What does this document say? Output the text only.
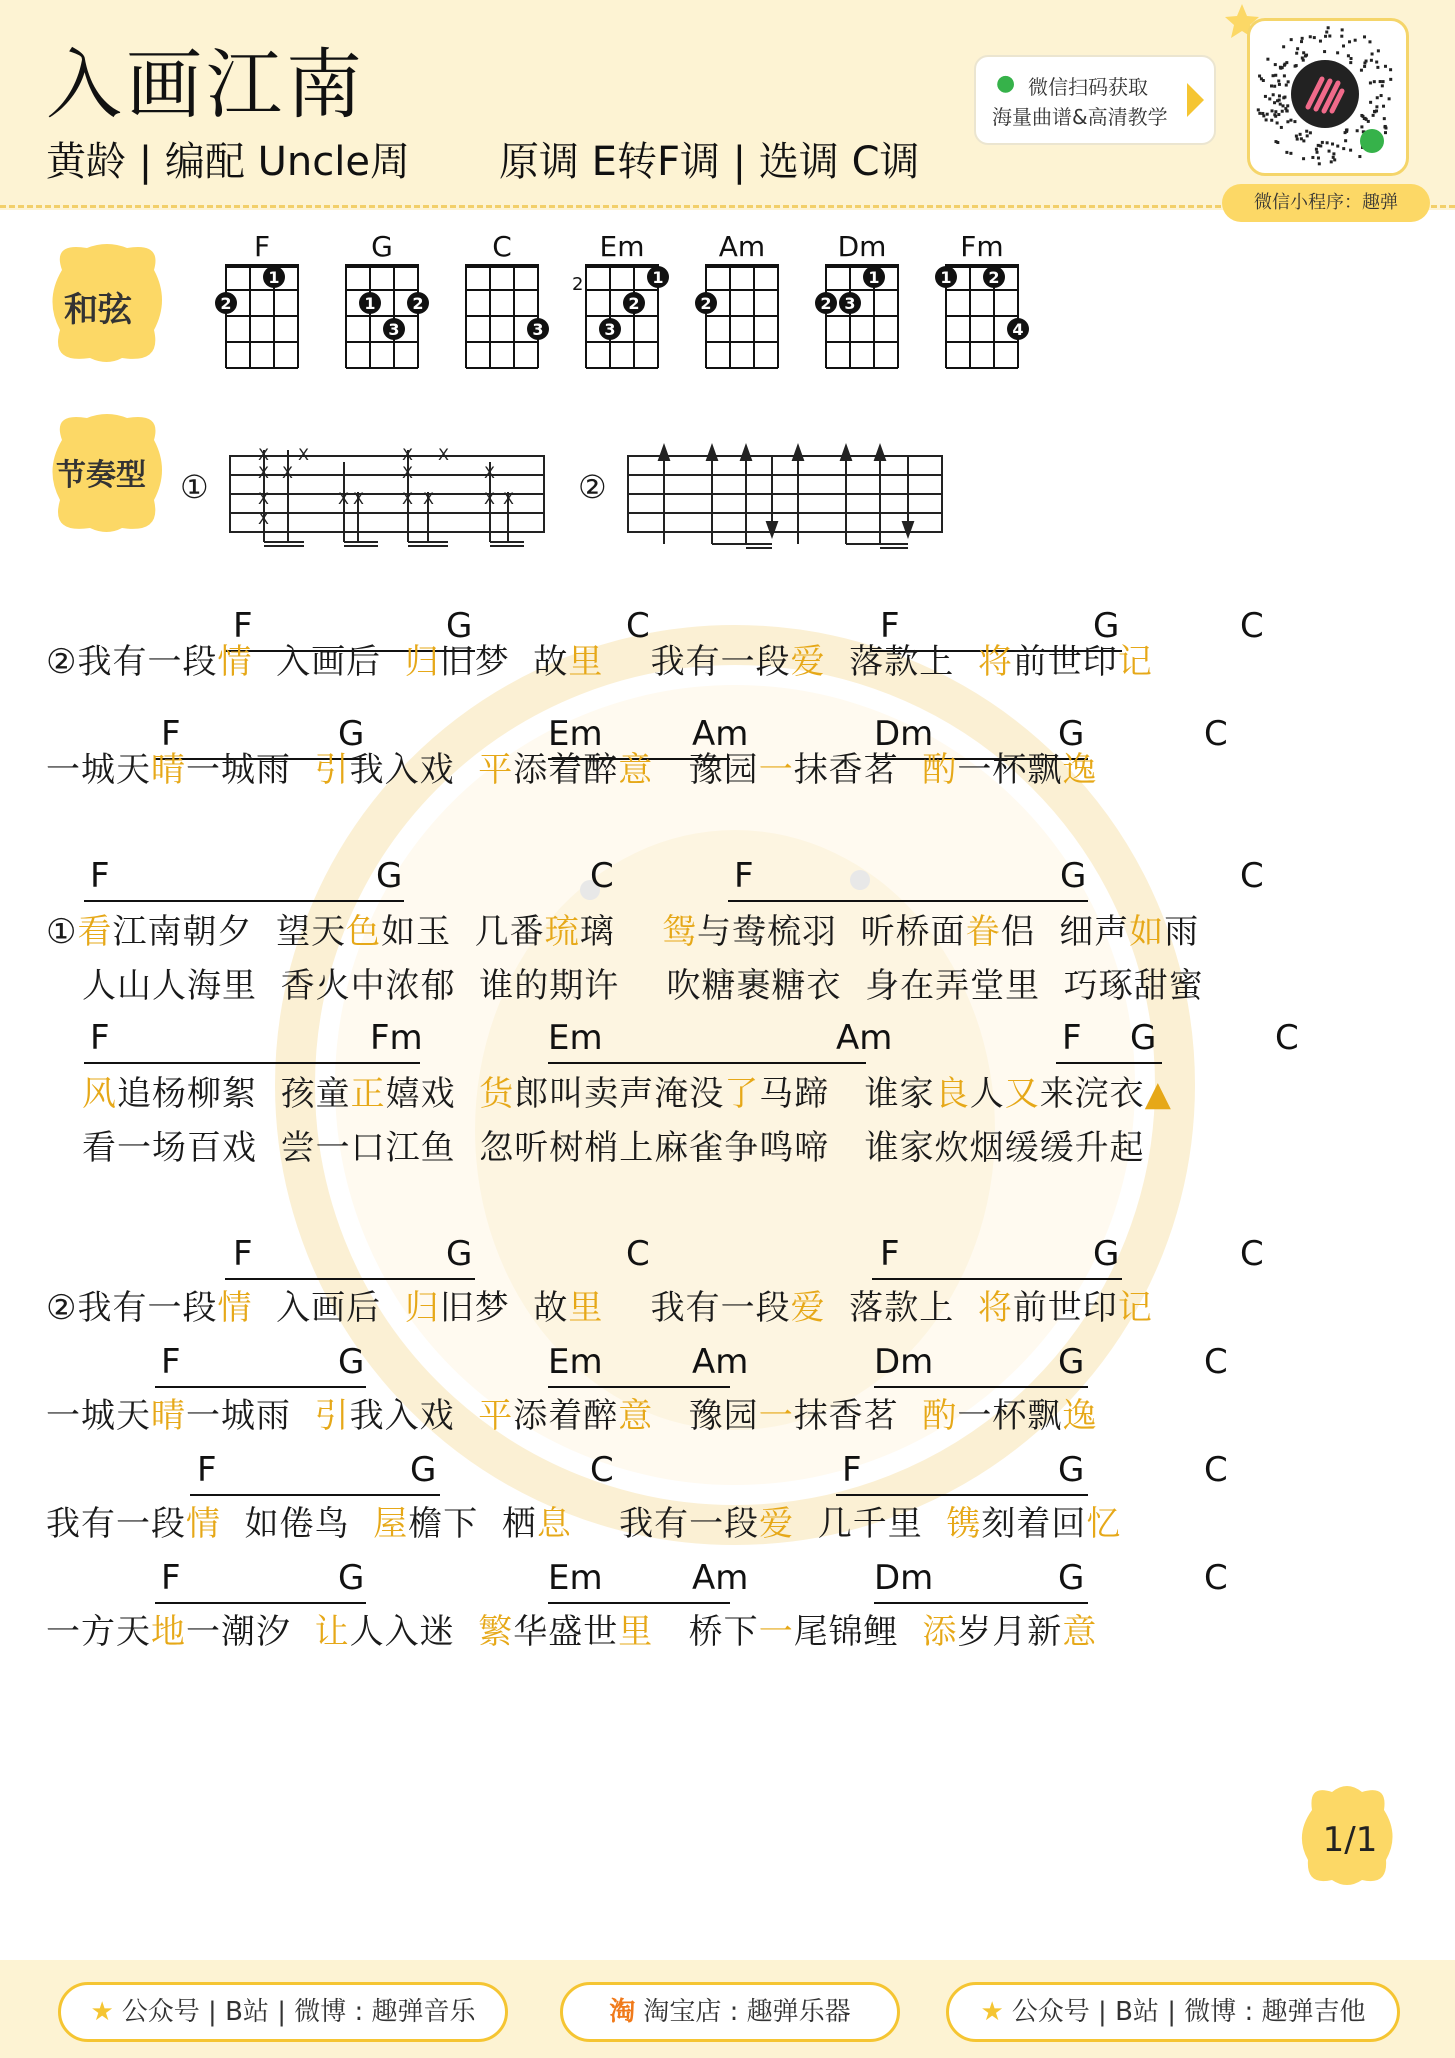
入画江南
黄龄 | 编配 Uncle周       原调 E转F调 | 选调 C调
● 微信扫码获取
海量曲谱&高清教学
微信小程序：趣弹
和弦
节奏型
F
2
1
G
1 2
3
C
3
Em
2	1
2
3
Am
2
Dm
2 3
1
Fm
1 2
4
①
X
X
X
X
X
X
X X
X
X
X X
X
X
X X ②
F	G	C	F	G	C
②我有一段情  入画后  归旧梦  故里    我有一段爱  落款上  将前世印记
F	G	Em	Am	Dm	G	C
一城天晴一城雨  引我入戏  平添着醉意   豫园一抹香茗  酌一杯飘逸
F	G	C	F	G	C
①看江南朝夕  望天色如玉  几番琉璃    鸳与鸯梳羽  听桥面眷侣  细声如雨
人山人海里  香火中浓郁  谁的期许    吹糖裹糖衣  身在弄堂里  巧琢甜蜜
F	Fm	Em	Am	F G	C
风追杨柳絮  孩童正嬉戏  货郎叫卖声淹没了马蹄   谁家良人又来浣衣▲
看一场百戏  尝一口江鱼  忽听树梢上麻雀争鸣啼   谁家炊烟缓缓升起
F	G	C	F	G	C
②我有一段情  入画后  归旧梦  故里    我有一段爱  落款上  将前世印记
F	G	Em	Am	Dm	G	C
一城天晴一城雨  引我入戏  平添着醉意   豫园一抹香茗  酌一杯飘逸
F	G	C	F	G	C
我有一段情  如倦鸟  屋檐下  栖息    我有一段爱  几千里  镌刻着回忆
F	G	Em	Am	Dm	G	C
一方天地一潮汐  让人入迷  繁华盛世里   桥下一尾锦鲤  添岁月新意
1/1
★ 公众号 | B站 | 微博 : 趣弹音乐	淘 淘宝店 : 趣弹乐器	★ 公众号 | B站 | 微博 : 趣弹吉他
